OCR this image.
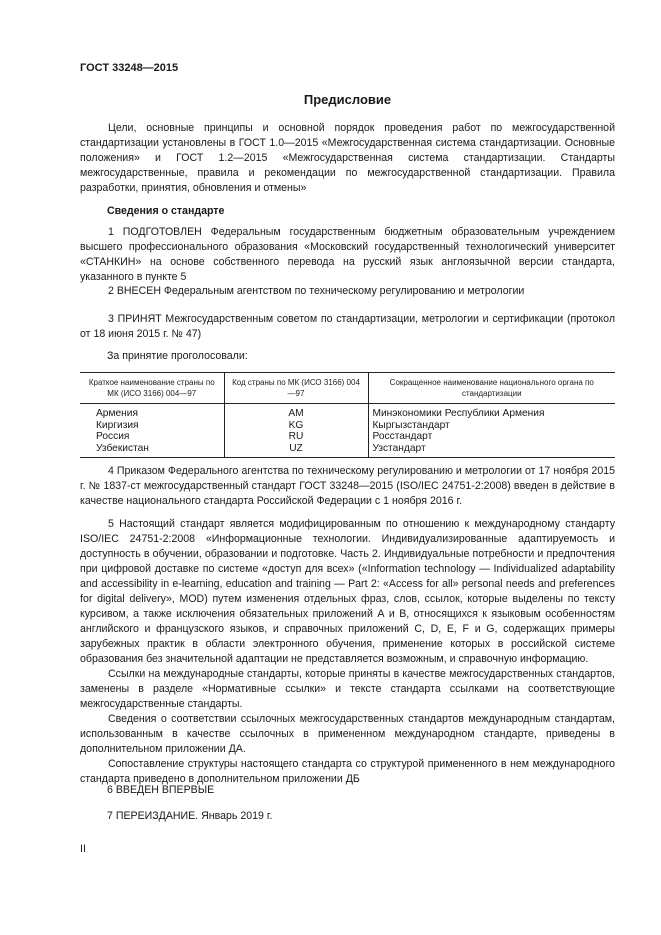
ГОСТ 33248—2015

Предисловие

Цели, основные принципы и основной порядок проведения работ по межгосударственной стандартизации установлены в ГОСТ 1.0—2015 «Межгосударственная система стандартизации. Основные положения» и ГОСТ 1.2—2015 «Межгосударственная система стандартизации. Стандарты межгосударственные, правила и рекомендации по межгосударственной стандартизации. Правила разработки, принятия, обновления и отмены»

Сведения о стандарте

1 ПОДГОТОВЛЕН Федеральным государственным бюджетным образовательным учреждением высшего профессионального образования «Московский государственный технологический университет «СТАНКИН» на основе собственного перевода на русский язык англоязычной версии стандарта, указанного в пункте 5

2 ВНЕСЕН Федеральным агентством по техническому регулированию и метрологии

3 ПРИНЯТ Межгосударственным советом по стандартизации, метрологии и сертификации (протокол от 18 июня 2015 г. № 47)

За принятие проголосовали:

Краткое наименование страны по МК (ИСО 3166) 004—97	Код страны по МК (ИСО 3166) 004—97	Сокращенное наименование национального органа по стандартизации
Армения	AM	Минэкономики Республики Армения
Киргизия	KG	Кыргызстандарт
Россия	RU	Росстандарт
Узбекистан	UZ	Узстандарт

4 Приказом Федерального агентства по техническому регулированию и метрологии от 17 ноября 2015 г. № 1837-ст межгосударственный стандарт ГОСТ 33248—2015 (ISO/IEC 24751-2:2008) введен в действие в качестве национального стандарта Российской Федерации с 1 ноября 2016 г.

5 Настоящий стандарт является модифицированным по отношению к международному стандарту ISO/IEC 24751-2:2008 «Информационные технологии. Индивидуализированные адаптируемость и доступность в обучении, образовании и подготовке. Часть 2. Индивидуальные потребности и предпочтения при цифровой доставке по системе «доступ для всех» («Information technology — Individualized adaptability and accessibility in e-learning, education and training — Part 2: «Access for all» personal needs and preferences for digital delivery», MOD) путем изменения отдельных фраз, слов, ссылок, которые выделены по тексту курсивом, а также исключения обязательных приложений А и В, относящихся к языковым особенностям английского и французского языков, и справочных приложений С, D, E, F и G, содержащих примеры зарубежных практик в области электронного обучения, применение которых в российской системе образования без значительной адаптации не представляется возможным, и справочную информацию.

Ссылки на международные стандарты, которые приняты в качестве межгосударственных стандартов, заменены в разделе «Нормативные ссылки» и тексте стандарта ссылками на соответствующие межгосударственные стандарты.

Сведения о соответствии ссылочных межгосударственных стандартов международным стандартам, использованным в качестве ссылочных в примененном международном стандарте, приведены в дополнительном приложении ДА.

Сопоставление структуры настоящего стандарта со структурой примененного в нем международного стандарта приведено в дополнительном приложении ДБ

6 ВВЕДЕН ВПЕРВЫЕ

7 ПЕРЕИЗДАНИЕ. Январь 2019 г.

II
